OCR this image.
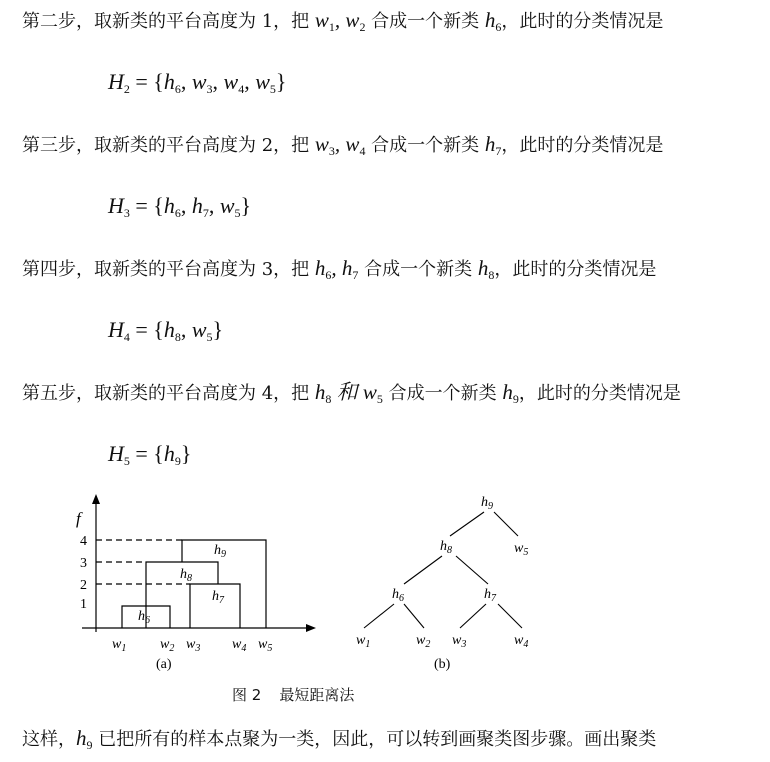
第二步，取新类的平台高度为 1，把 $w_1$, $w_2$ 合成一个新类 $h_6$，此时的分类情况是
$H_2 = \{h_6$, $w_3$, $w_4$, $w_5$}
第三步，取新类的平台高度为 2，把 $w_3$, $w_4$ 合成一个新类 $h_7$，此时的分类情况是
$H_3 = \{h_6$, $h_7$, $w_5$}
第四步，取新类的平台高度为 3，把 $h_6$, $h_7$ 合成一个新类 $h_8$，此时的分类情况是
$H_4 = \{h_8$, $w_5$}
第五步，取新类的平台高度为 4，把 $h_8$ 和 $w_5$ 合成一个新类 $h_9$，此时的分类情况是
$H_5 = \{h_9\}$
f
1
2
3
4
$h_6$
$h_7$
$h_8$
$h_9$
$w_1$ $w_2$ $w_3$ $w_4$ $w_5$
(a)
$h_9$
$h_8$	$w_5$
$h_6$	$h_7$
$w_1$	$w_2$ $w_3$	$w_4$
(b)
图 2 最短距离法
这样，$h_9$ 已把所有的样本点聚为一类，因此，可以转到画聚类图步骤。画出聚类
